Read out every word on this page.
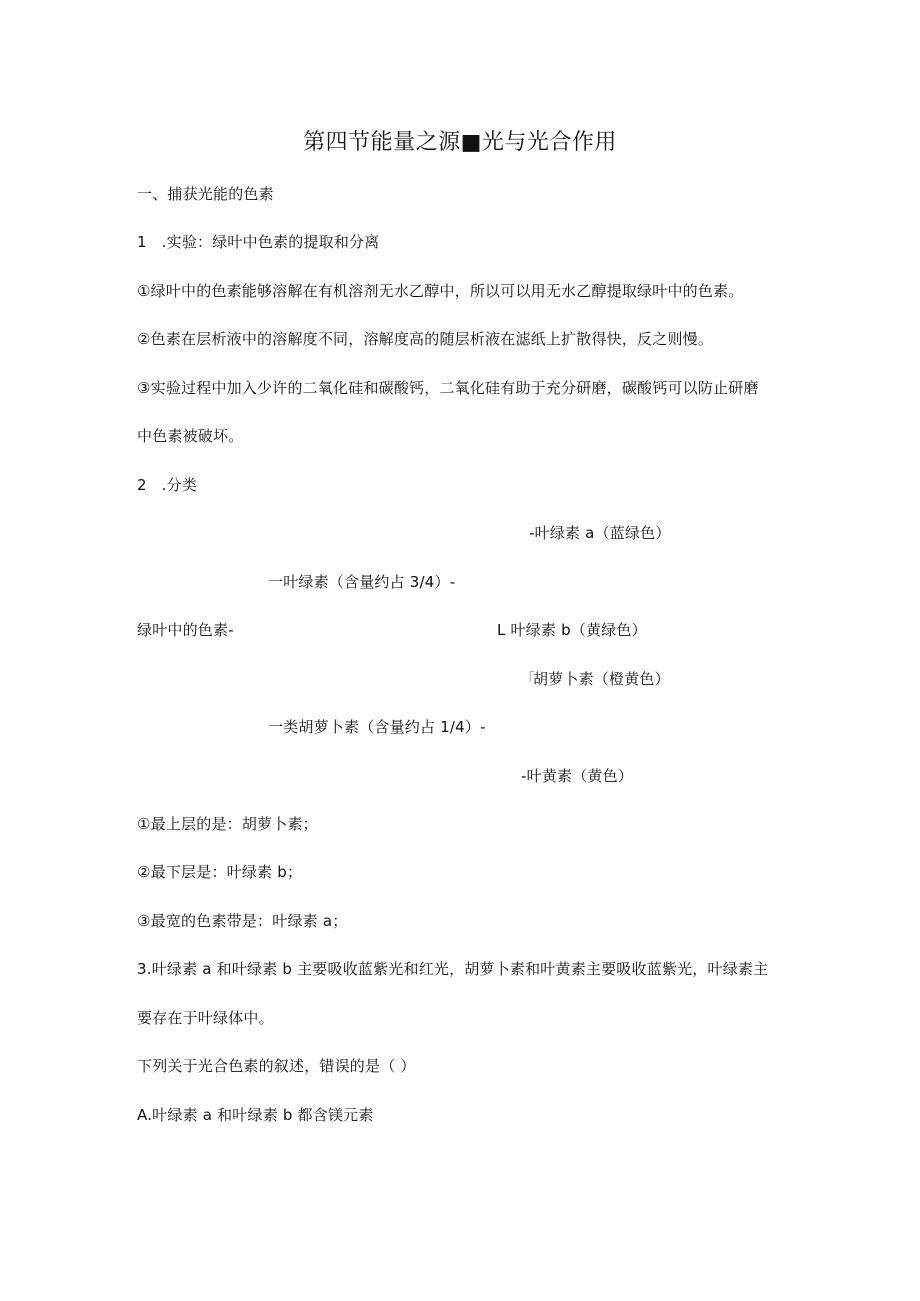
第四节能量之源■光与光合作用
一、捕获光能的色素
1   .实验：绿叶中色素的提取和分离
①绿叶中的色素能够溶解在有机溶剂无水乙醇中，所以可以用无水乙醇提取绿叶中的色素。
②色素在层析液中的溶解度不同，溶解度高的随层析液在滤纸上扩散得快，反之则慢。
③实验过程中加入少许的二氧化硅和碳酸钙，二氧化硅有助于充分研磨，碳酸钙可以防止研磨
中色素被破坏。
2   .分类
-叶绿素 a（蓝绿色）
一叶绿素（含量约占 3/4）-
绿叶中的色素-	L 叶绿素 b（黄绿色）
「
胡萝卜素（橙黄色）
一类胡萝卜素（含量约占 1/4）-
-叶黄素（黄色）
①最上层的是：胡萝卜素；
②最下层是：叶绿素 b；
③最宽的色素带是：叶绿素 a；
3.叶绿素 a 和叶绿素 b 主要吸收蓝紫光和红光，胡萝卜素和叶黄素主要吸收蓝紫光，叶绿素主
要存在于叶绿体中。
下列关于光合色素的叙述，错误的是（ ）
A.叶绿素 a 和叶绿素 b 都含镁元素
